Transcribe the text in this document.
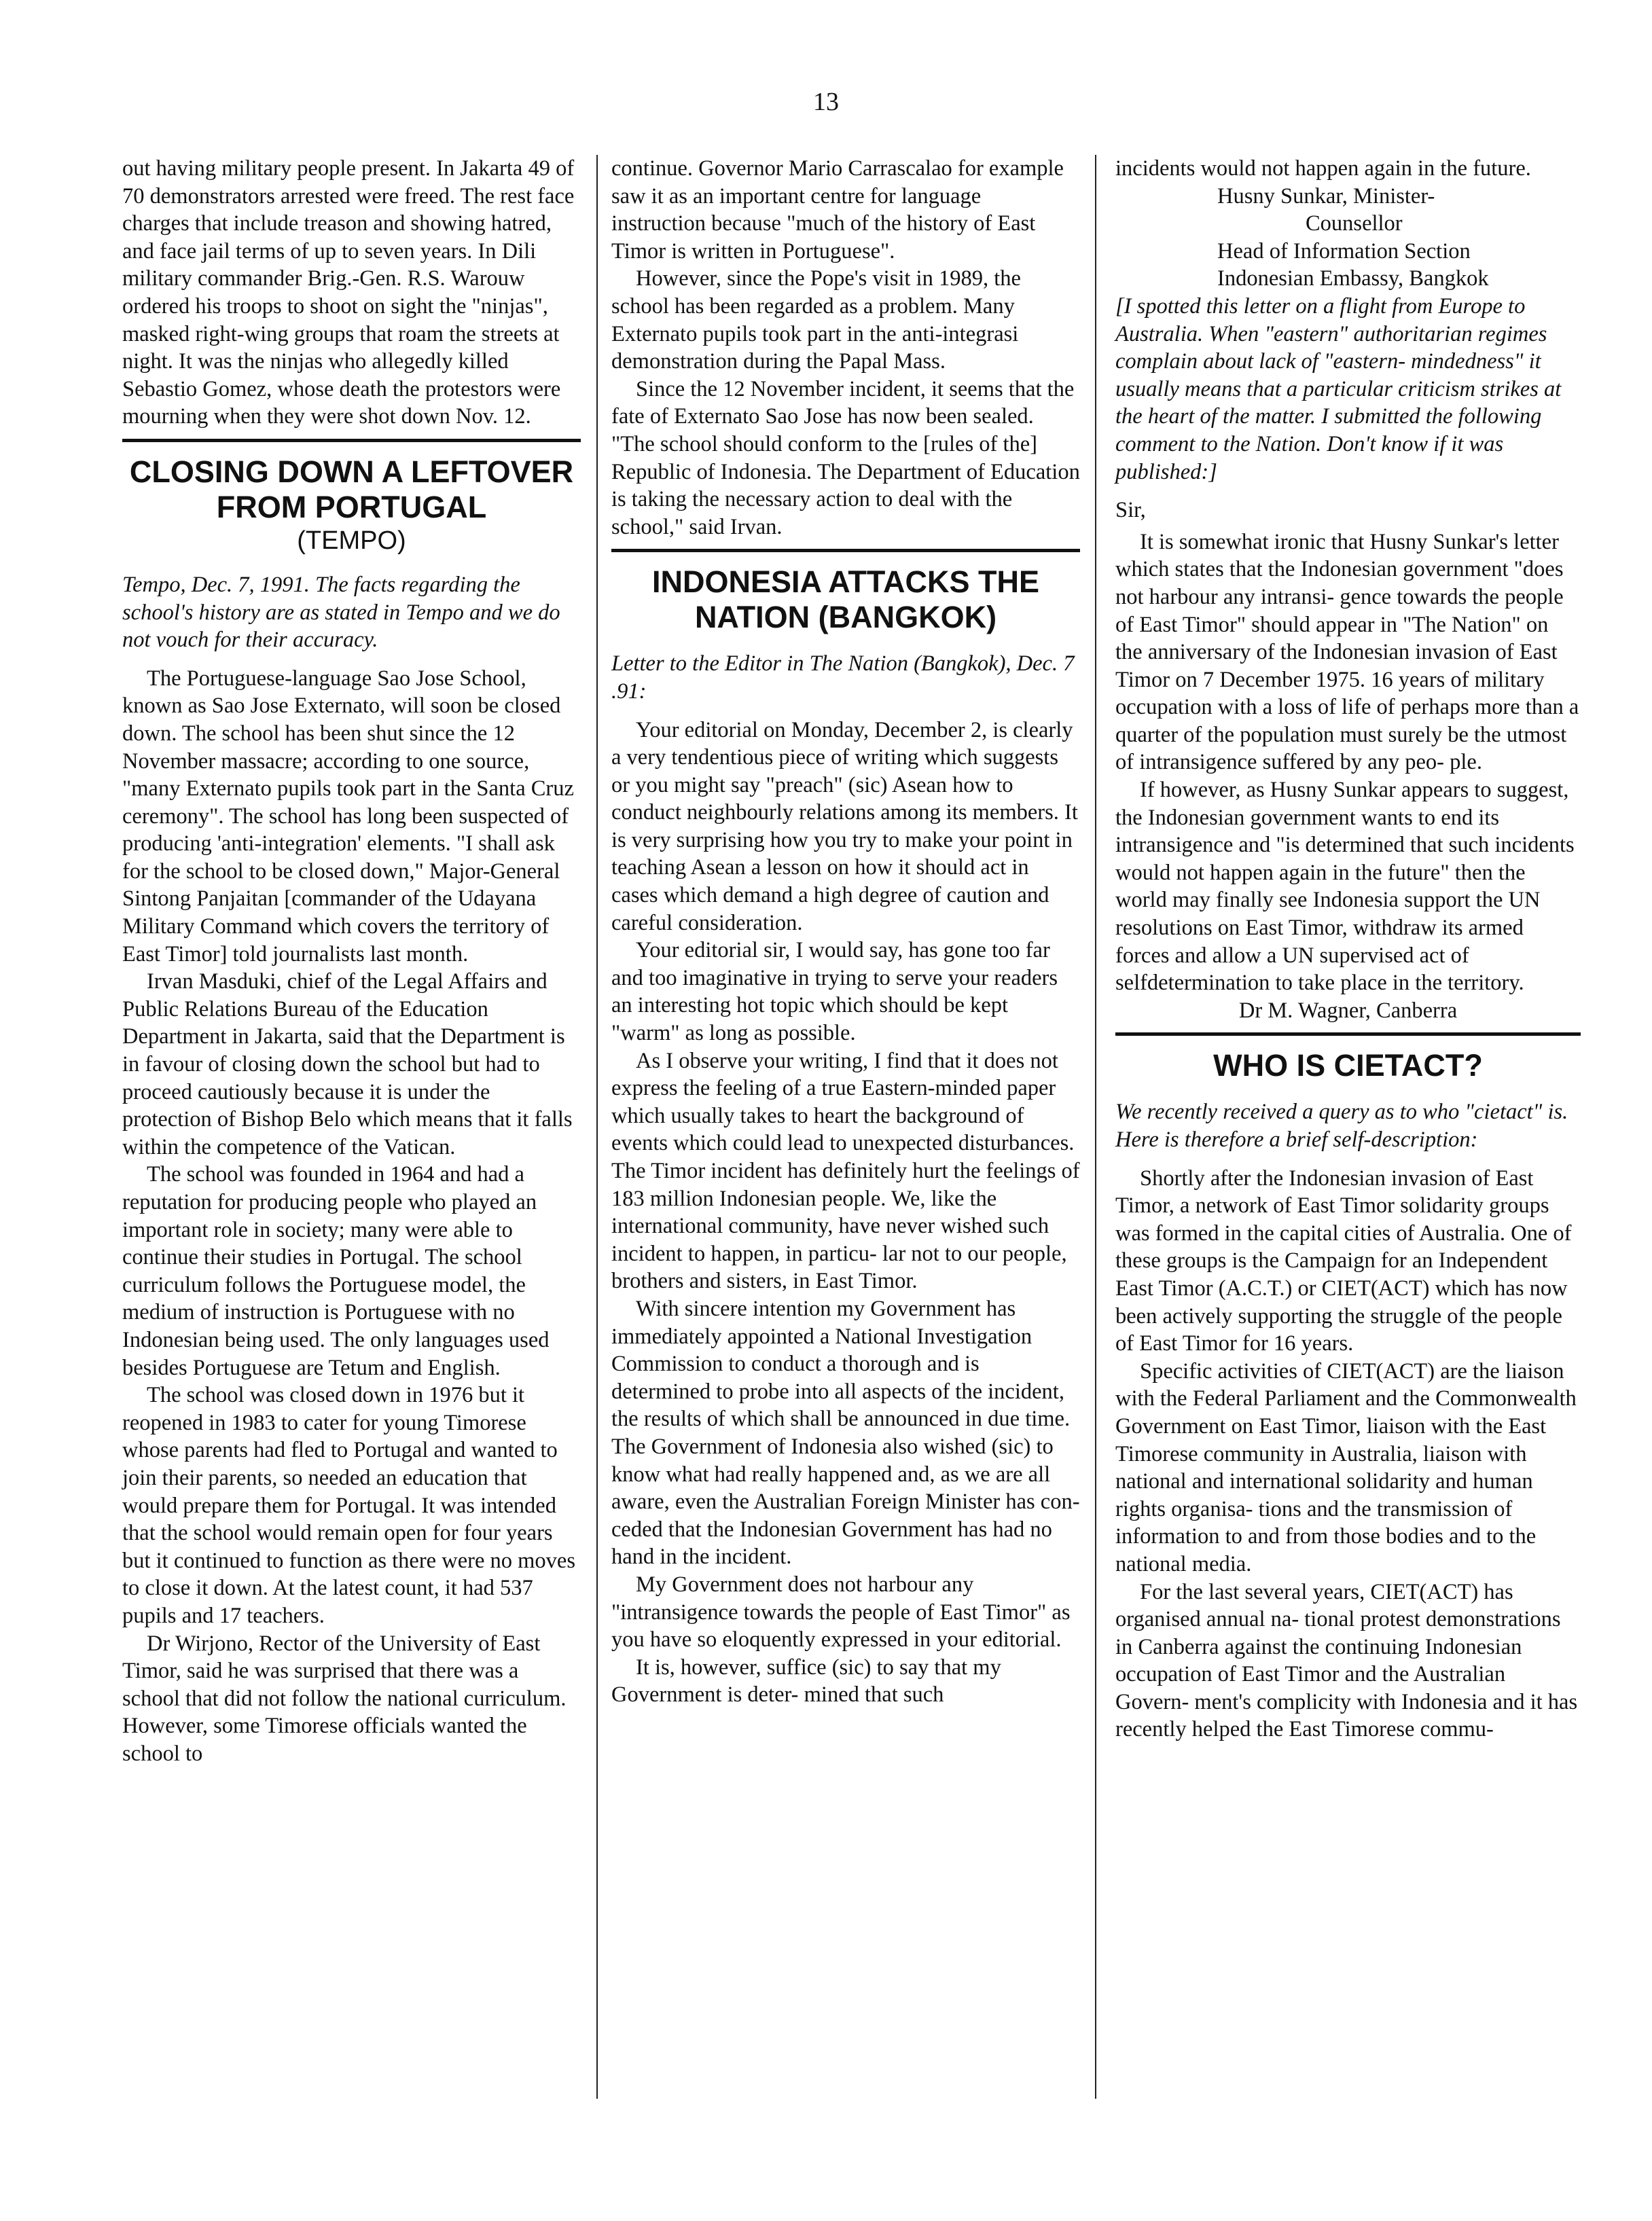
13

out having military people present. In Jakarta 49 of 70 demonstrators arrested were freed. The rest face charges that include treason and showing hatred, and face jail terms of up to seven years. In Dili military commander Brig.-Gen. R.S. Warouw ordered his troops to shoot on sight the "ninjas", masked right-wing groups that roam the streets at night. It was the ninjas who allegedly killed Sebastio Gomez, whose death the protestors were mourning when they were shot down Nov. 12.

CLOSING DOWN A LEFTOVER FROM PORTUGAL
(TEMPO)

Tempo, Dec. 7, 1991. The facts regarding the school's history are as stated in Tempo and we do not vouch for their accuracy.

The Portuguese-language Sao Jose School, known as Sao Jose Externato, will soon be closed down. The school has been shut since the 12 November massacre; according to one source, "many Externato pupils took part in the Santa Cruz ceremony". The school has long been suspected of producing 'anti-integration' elements. "I shall ask for the school to be closed down," Major-General Sintong Panjaitan [commander of the Udayana Military Command which covers the territory of East Timor] told journalists last month.

Irvan Masduki, chief of the Legal Affairs and Public Relations Bureau of the Education Department in Jakarta, said that the Department is in favour of closing down the school but had to proceed cautiously because it is under the protection of Bishop Belo which means that it falls within the competence of the Vatican.

The school was founded in 1964 and had a reputation for producing people who played an important role in society; many were able to continue their studies in Portugal. The school curriculum follows the Portuguese model, the medium of instruction is Portuguese with no Indonesian being used. The only languages used besides Portuguese are Tetum and English.

The school was closed down in 1976 but it reopened in 1983 to cater for young Timorese whose parents had fled to Portugal and wanted to join their parents, so needed an education that would prepare them for Portugal. It was intended that the school would remain open for four years but it continued to function as there were no moves to close it down. At the latest count, it had 537 pupils and 17 teachers.

Dr Wirjono, Rector of the University of East Timor, said he was surprised that there was a school that did not follow the national curriculum. However, some Timorese officials wanted the school to

continue. Governor Mario Carrascalao for example saw it as an important centre for language instruction because "much of the history of East Timor is written in Portuguese".

However, since the Pope's visit in 1989, the school has been regarded as a problem. Many Externato pupils took part in the anti-integrasi demonstration during the Papal Mass.

Since the 12 November incident, it seems that the fate of Externato Sao Jose has now been sealed. "The school should conform to the [rules of the] Republic of Indonesia. The Department of Education is taking the necessary action to deal with the school," said Irvan.

INDONESIA ATTACKS THE NATION (BANGKOK)

Letter to the Editor in The Nation (Bangkok), Dec. 7 .91:

Your editorial on Monday, December 2, is clearly a very tendentious piece of writing which suggests or you might say "preach" (sic) Asean how to conduct neighbourly relations among its members. It is very surprising how you try to make your point in teaching Asean a lesson on how it should act in cases which demand a high degree of caution and careful consideration.

Your editorial sir, I would say, has gone too far and too imaginative in trying to serve your readers an interesting hot topic which should be kept "warm" as long as possible.

As I observe your writing, I find that it does not express the feeling of a true Eastern-minded paper which usually takes to heart the background of events which could lead to unexpected disturbances. The Timor incident has definitely hurt the feelings of 183 million Indonesian people. We, like the international community, have never wished such incident to happen, in particu- lar not to our people, brothers and sisters, in East Timor.

With sincere intention my Government has immediately appointed a National Investigation Commission to conduct a thorough and is determined to probe into all aspects of the incident, the results of which shall be announced in due time. The Government of Indonesia also wished (sic) to know what had really happened and, as we are all aware, even the Australian Foreign Minister has con- ceded that the Indonesian Government has had no hand in the incident.

My Government does not harbour any "intransigence towards the people of East Timor" as you have so eloquently expressed in your editorial.

It is, however, suffice (sic) to say that my Government is deter- mined that such

incidents would not happen again in the future.

Husny Sunkar, Minister-

Counsellor

Head of Information Section

Indonesian Embassy, Bangkok

[I spotted this letter on a flight from Europe to Australia. When "eastern" authoritarian regimes complain about lack of "eastern- mindedness" it usually means that a particular criticism strikes at the heart of the matter. I submitted the following comment to the Nation. Don't know if it was published:]

Sir,

It is somewhat ironic that Husny Sunkar's letter which states that the Indonesian government "does not harbour any intransi- gence towards the people of East Timor" should appear in "The Nation" on the anniversary of the Indonesian invasion of East Timor on 7 December 1975. 16 years of military occupation with a loss of life of perhaps more than a quarter of the population must surely be the utmost of intransigence suffered by any peo- ple.

If however, as Husny Sunkar appears to suggest, the Indonesian government wants to end its intransigence and "is determined that such incidents would not happen again in the future" then the world may finally see Indonesia support the UN resolutions on East Timor, withdraw its armed forces and allow a UN supervised act of selfdetermination to take place in the territory.

Dr M. Wagner, Canberra

WHO IS CIETACT?

We recently received a query as to who "cietact" is. Here is therefore a brief self-description:

Shortly after the Indonesian invasion of East Timor, a network of East Timor solidarity groups was formed in the capital cities of Australia. One of these groups is the Campaign for an Independent East Timor (A.C.T.) or CIET(ACT) which has now been actively supporting the struggle of the people of East Timor for 16 years.

Specific activities of CIET(ACT) are the liaison with the Federal Parliament and the Commonwealth Government on East Timor, liaison with the East Timorese community in Australia, liaison with national and international solidarity and human rights organisa- tions and the transmission of information to and from those bodies and to the national media.

For the last several years, CIET(ACT) has organised annual na- tional protest demonstrations in Canberra against the continuing Indonesian occupation of East Timor and the Australian Govern- ment's complicity with Indonesia and it has recently helped the East Timorese commu-
